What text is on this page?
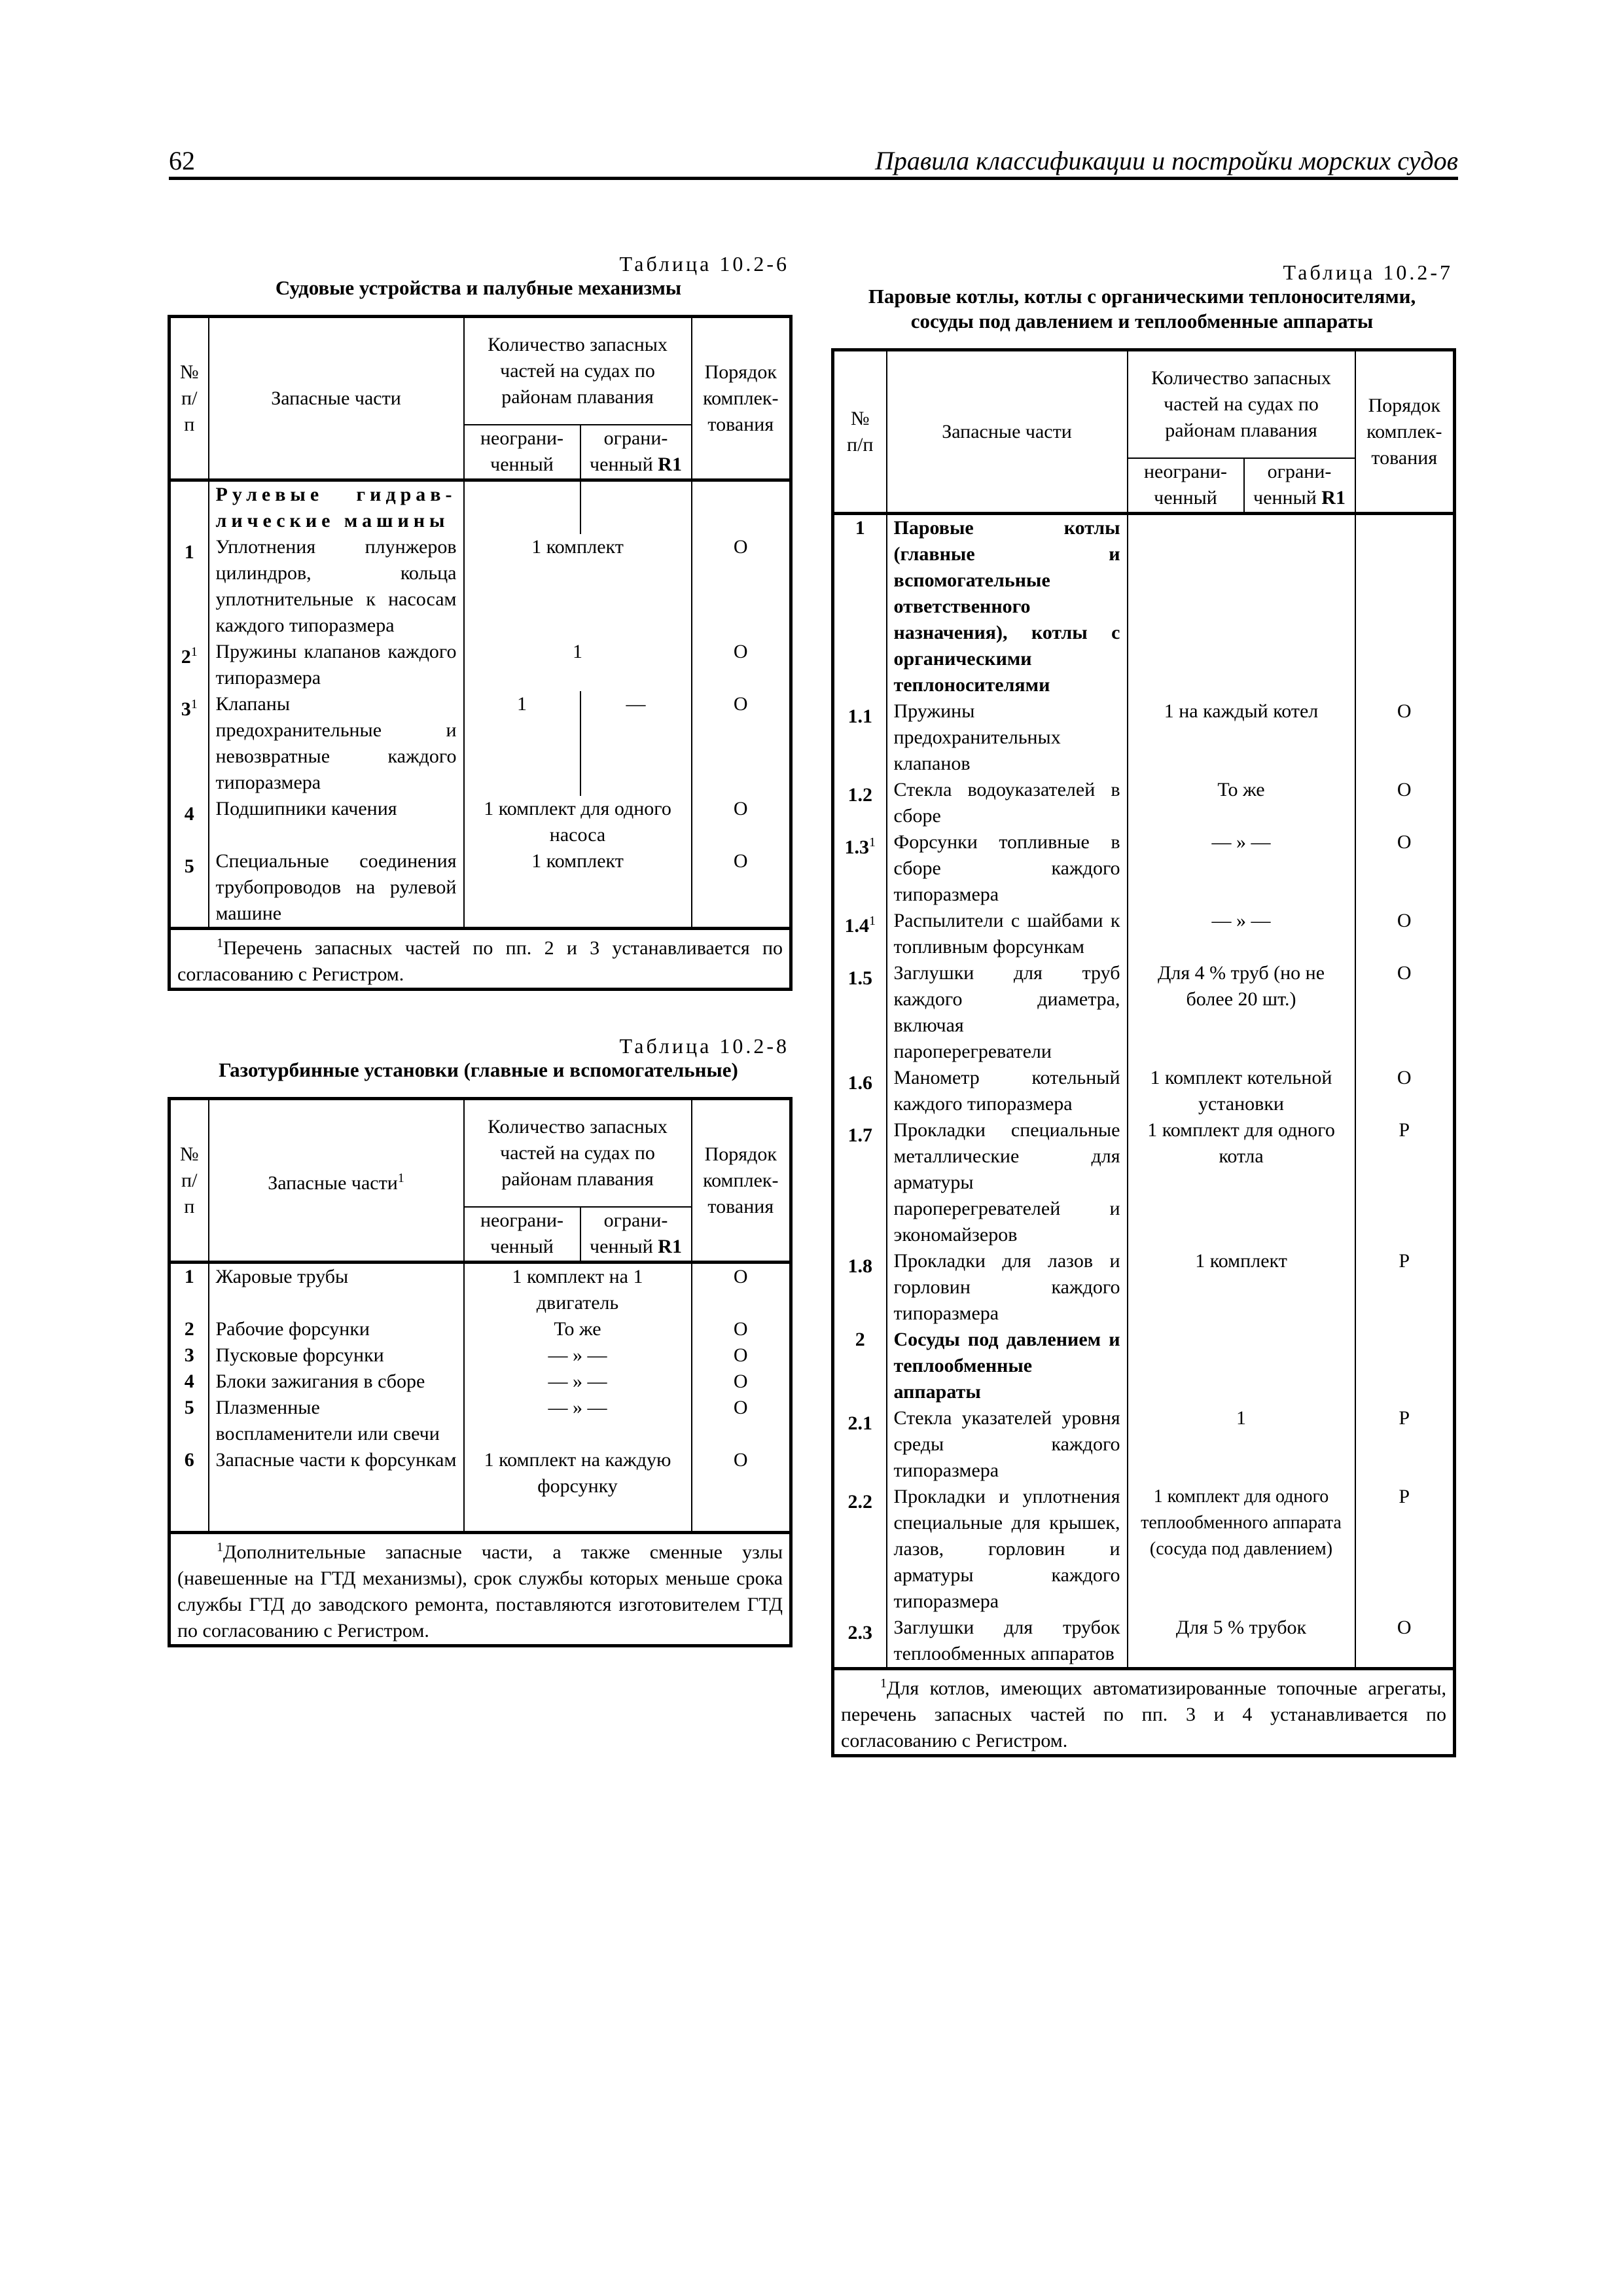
62	Правила классификации и постройки морских судов
Таблица 10.2-6
Судовые устройства и палубные механизмы
№ п/п	Запасные части	Количество запасных частей на судах по районам плавания		Порядок комплек-тования
		неограни-ченный	ограни-ченный R1	
	Рулевые гидрав-лические машины			
1	Уплотнения плунжеров цилиндров, кольца уплотнительные к насосам каждого типоразмера	1 комплект		О
$2^1$	Пружины клапанов каждого типоразмера	1		О
$3^1$	Клапаны предохранительные и невозвратные каждого типоразмера	1	—	О
4	Подшипники качения	1 комплект для одного насоса		О
5	Специальные соединения трубопроводов на рулевой машине	1 комплект		О
$^1$Перечень запасных частей по пп. 2 и 3 устанавливается по согласованию с Регистром.				
Таблица 10.2-8
Газотурбинные установки (главные и вспомогательные)
№ п/п	Запасные части$^1$	Количество запасных частей на судах по районам плавания		Порядок комплек-тования
		неограни-ченный	ограни-ченный R1	
1	Жаровые трубы	1 комплект на 1 двигатель		О
2	Рабочие форсунки	То же		О
3	Пусковые форсунки	— » —		О
4	Блоки зажигания в сборе	— » —		О
5	Плазменные воспламенители или свечи	— » —		О
6	Запасные части к форсункам	1 комплект на каждую форсунку		О
$^1$Дополнительные запасные части, а также сменные узлы (навешенные на ГТД механизмы), срок службы которых меньше срока службы ГТД до заводского ремонта, поставляются изготовителем ГТД по согласованию с Регистром.				
Таблица 10.2-7
Паровые котлы, котлы с органическими теплоносителями, сосуды под давлением и теплообменные аппараты
№ п/п	Запасные части	Количество запасных частей на судах по районам плавания		Порядок комплек-тования
		неограни-ченный	ограни-ченный R1	
1	Паровые котлы (главные и вспомогательные ответственного назначения), котлы с органическими теплоносителями			
1.1	Пружины предохранительных клапанов	1 на каждый котел		О
1.2	Стекла водоуказателей в сборе	То же		О
$1.3^1$	Форсунки топливные в сборе каждого типоразмера	— » —		О
$1.4^1$	Распылители с шайбами к топливным форсункам	— » —		О
1.5	Заглушки для труб каждого диаметра, включая пароперегреватели	Для 4 % труб (но не более 20 шт.)		О
1.6	Манометр котельный каждого типоразмера	1 комплект котельной установки		О
1.7	Прокладки специальные металлические для арматуры пароперегревателей и экономайзеров	1 комплект для одного котла		Р
1.8	Прокладки для лазов и горловин каждого типоразмера	1 комплект		Р
2	Сосуды под давлением и теплообменные аппараты			
2.1	Стекла указателей уровня среды каждого типоразмера	1		Р
2.2	Прокладки и уплотнения специальные для крышек, лазов, горловин и арматуры каждого типоразмера	1 комплект для одного теплообменного аппарата (сосуда под давлением)		Р
2.3	Заглушки для трубок теплообменных аппаратов	Для 5 % трубок		О
$^1$Для котлов, имеющих автоматизированные топочные агрегаты, перечень запасных частей по пп. 3 и 4 устанавливается по согласованию с Регистром.				
